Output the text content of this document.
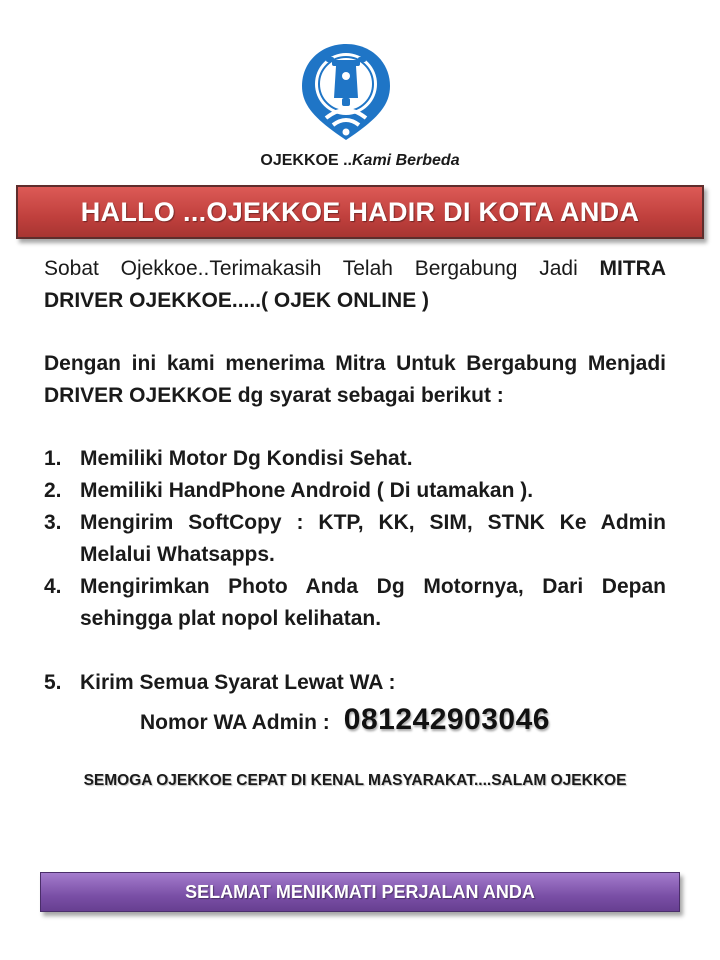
OJEKKOE ..Kami Berbeda
HALLO ...OJEKKOE HADIR DI KOTA ANDA

Sobat Ojekkoe..Terimakasih Telah Bergabung Jadi MITRA DRIVER OJEKKOE.....( OJEK ONLINE )

Dengan ini kami menerima Mitra Untuk Bergabung Menjadi DRIVER OJEKKOE dg syarat sebagai berikut :

1. Memiliki Motor Dg Kondisi Sehat.
2. Memiliki HandPhone Android ( Di utamakan ).
3. Mengirim SoftCopy : KTP, KK, SIM, STNK Ke Admin Melalui Whatsapps.
4. Mengirimkan Photo Anda Dg Motornya, Dari Depan sehingga plat nopol kelihatan.
5. Kirim Semua Syarat Lewat WA :
Nomor WA Admin : 081242903046
SEMOGA OJEKKOE CEPAT DI KENAL MASYARAKAT....SALAM OJEKKOE
SELAMAT MENIKMATI PERJALAN ANDA
